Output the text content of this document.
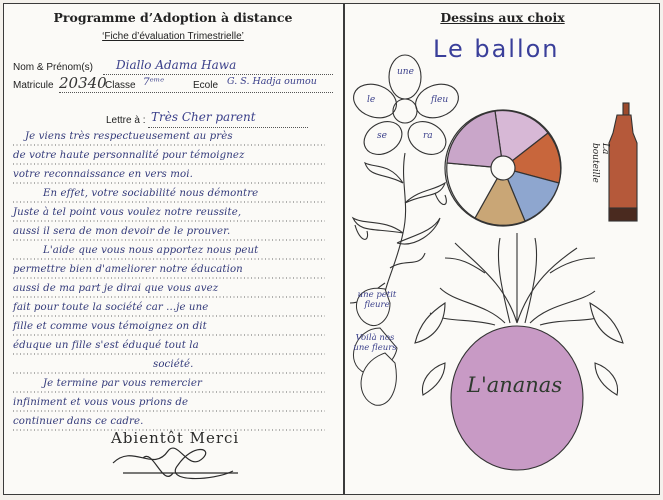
Programme d’Adoption à distance
‘Fiche d’évaluation Trimestrielle’
Nom & Prénom(s) Diallo Adama Hawa
Matricule 20340
Classe 7ᵉᵐᵉ	Ecole G. S. Hadja oumou
Lettre à : Très Cher parent
Je viens très respectueusement au près
de votre haute personnalité pour témoignez
votre reconnaissance en vers moi.
En effet, votre sociabilité nous démontre
Juste à tel point vous voulez notre reussite,
aussi il sera de mon devoir de le prouver.
L'aide que vous nous apportez nous peut
permettre bien d'ameliorer notre éducation
aussi de ma part je dirai que vous avez
fait pour toute la société car ...je une
fille et comme vous témoignez on dit
éduque un fille s'est éduqué tout la
société.
Je termine par vous remercier
infiniment et vous vous prions de
continuer dans ce cadre.
Abientôt Merci
Dessins aux choix
Le ballon
La bouteille
L'ananas
une petit fleure
Voilà nos une fleurs
une
fleu
ra
se
le
